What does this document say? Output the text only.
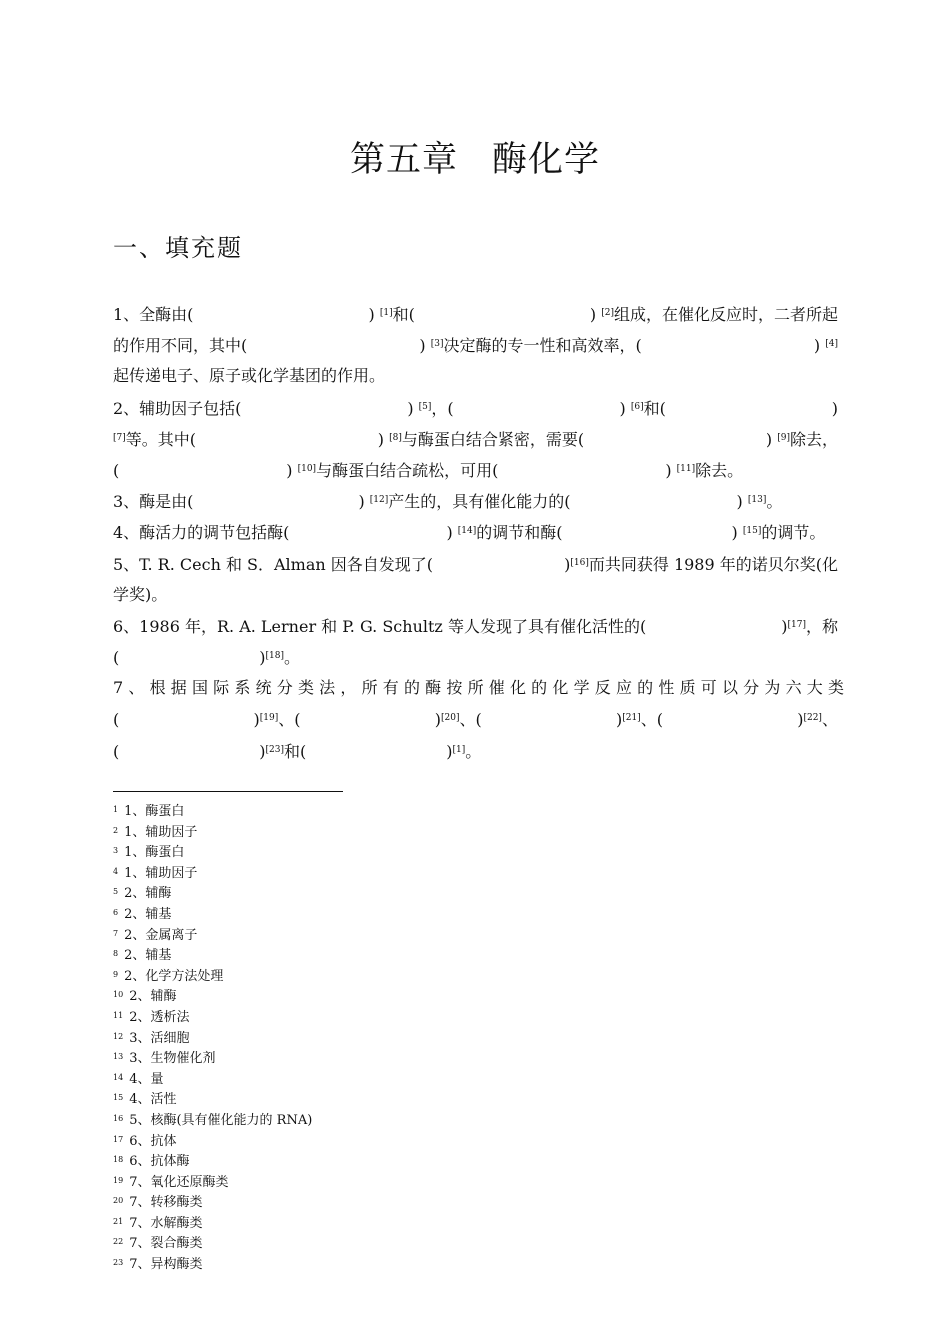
第五章 酶化学
一、填充题
1、全酶由(	) [1]和(	) [2]组成，在催化反应时，二者所起
的作用不同，其中(	) [3]决定酶的专一性和高效率，(	) [4]
起传递电子、原子或化学基团的作用。
2、辅助因子包括(	) [5]，(	) [6]和(	)
[7]等。其中(	) [8]与酶蛋白结合紧密，需要(	) [9]除去，
(	) [10]与酶蛋白结合疏松，可用(	) [11]除去。
3、酶是由(	) [12]产生的，具有催化能力的(	) [13]。
4、酶活力的调节包括酶(	) [14]的调节和酶(	) [15]的调节。
5、T. R. Cech 和 S．Alman 因各自发现了(	)[16]而共同获得 1989 年的诺贝尔奖(化
学奖)。
6、1986 年，R. A. Lerner 和 P. G. Schultz 等人发现了具有催化活性的(	)[17]，称
(	)[18]。
7、根据国际系统分类法，所有的酶按所催化的化学反应的性质可以分为六大类
(	)[19]、(	)[20]、(	)[21]、(	)[22]、
(	)[23]和(	)[1]。
1 1、酶蛋白
2 1、辅助因子
3 1、酶蛋白
4 1、辅助因子
5 2、辅酶
6 2、辅基
7 2、金属离子
8 2、辅基
9 2、化学方法处理
10 2、辅酶
11 2、透析法
12 3、活细胞
13 3、生物催化剂
14 4、量
15 4、活性
16 5、核酶(具有催化能力的 RNA)
17 6、抗体
18 6、抗体酶
19 7、氧化还原酶类
20 7、转移酶类
21 7、水解酶类
22 7、裂合酶类
23 7、异构酶类
